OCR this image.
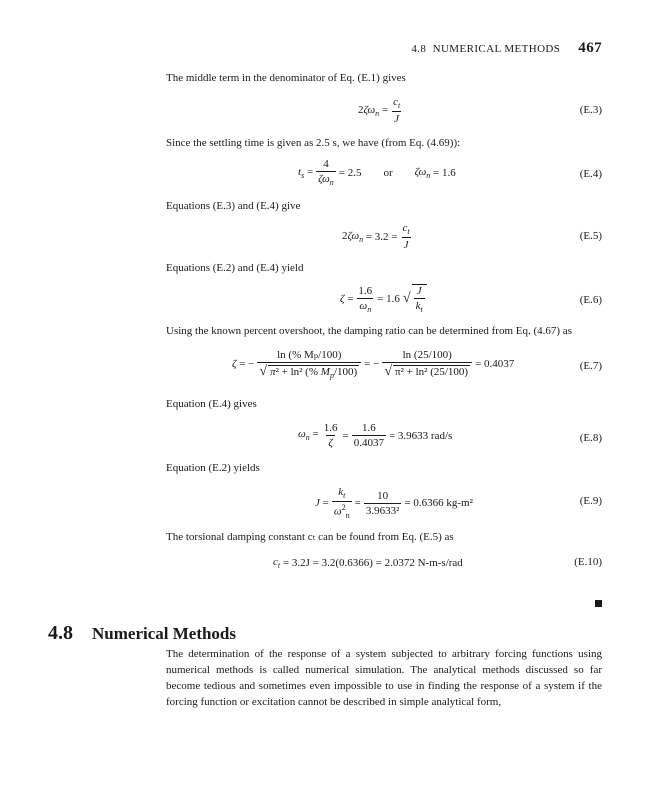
4.8 NUMERICAL METHODS 467
The middle term in the denominator of Eq. (E.1) gives
$2\zeta\omega_n = \frac{c_t}{J}$	(E.3)
Since the settling time is given as 2.5 s, we have (from Eq. (4.69)):
$t_s = \frac{4}{\zeta\omega_n} = 2.5$ or $\zeta\omega_n = 1.6$	(E.4)
Equations (E.3) and (E.4) give
$2\zeta\omega_n = 3.2 = \frac{c_t}{J}$	(E.5)
Equations (E.2) and (E.4) yield
$\zeta = \frac{1.6}{\omega_n} = 1.6$ √ $\frac{J}{k_t}$	(E.6)
Using the known percent overshoot, the damping ratio can be determined from Eq. (4.67) as
ζ = − $\frac{\text{ln (\% Mₚ/100)}}{√ \pi^2 + \ln^2 (\% M_p/100)}$ = − $\frac{\ln (25/100)}{\text{√ π² + ln² (25/100)}} = 0.4037$	(E.7)
Equation (E.4) gives
$\omega_n = \frac{1.6}{\zeta} = \frac{1.6}{0.4037} = 3.9633$ rad/s	(E.8)
Equation (E.2) yields
$J = \frac{k_t}{\omega^2_n} = \frac{10}{\text{3.9633²}} = 0.6366$ kg-m²	(E.9)
The torsional damping constant cₜ can be found from Eq. (E.5) as
$c_t = 3.2J = 3.2(0.6366) = 2.0372$ N-m-s/rad	(E.10)
4.8 Numerical Methods
The determination of the response of a system subjected to arbitrary forcing functions using numerical methods is called numerical simulation. The analytical methods discussed so far become tedious and sometimes even impossible to use in finding the response of a system if the forcing function or excitation cannot be described in simple analytical form,
